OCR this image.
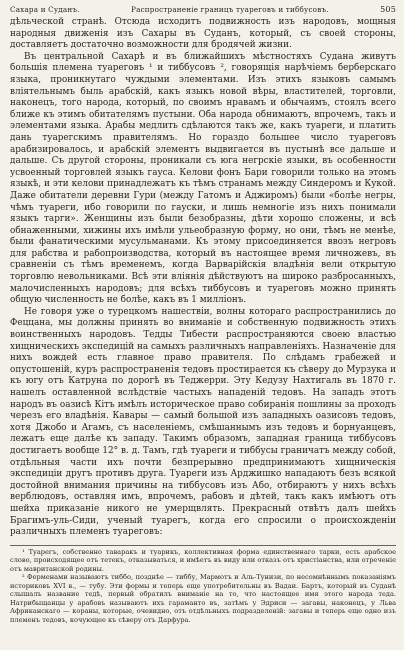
Сахара и Суданъ.	Распространеніе границъ туареговъ и тиббусовъ.	505

дѣльческой странѣ. Отсюда исходитъ подвижность изъ народовъ, мощныя народныя движенія изъ Сахары въ Суданъ, который, съ своей стороны, доставляетъ достаточно возможности для бродячей жизни.

Въ центральной Сахарѣ и въ ближайшихъ мѣстностяхъ Судана живутъ большія племена туареговъ ¹ и тиббусовъ ², говорящія нарѣчіемъ берберскаго языка, проникнутаго чуждыми элементами. Изъ этихъ языковъ самымъ вліятельнымъ быль арабскій, какъ языкъ новой вѣры, властителей, торговли, наконецъ, того народа, который, по своимъ нравамъ и обычаямъ, стоялъ всего ближе къ этимъ обитателямъ пустыни. Оба народа обнимаютъ, впрочемъ, такъ и элементами языка. Арабы медлить сдѣлаются такъ же, какъ туареги, и платить дань туарегскимъ правителямъ. Но гораздо большее число туареговъ арабизировалось, и арабскій элементъ выдвигается въ пустынѣ все дальше и дальше. Съ другой стороны, проникали съ юга негрскіе языки, въ особенности усвоенный торговлей языкъ гауса. Келови фонъ Бари говорили только на этомъ языкѣ, и эти келови принадлежатъ къ тѣмъ странамъ между Синдеромъ и Кукой. Даже обитатели деревни Гури (между Гатомъ и Аджиромъ) были «болѣе негры, чѣмъ туареги, ибо говорили по гауски, и лишь немногіе изъ нихъ понимали языкъ тарги». Женщины изъ были безобразны, дѣти хорошо сложены, и всѣ обнаженными, хижины ихъ имѣли ульеобразную форму, но они, тѣмъ не менѣе, были фанатическими мусульманами. Къ этому присоединяется ввозъ негровъ для рабства и рабопроизводства, который въ настоящее время личножевъ, въ сравненіи съ тѣмъ временемъ, когда Варварійскія владѣнія вели открытую торговлю невольниками. Всѣ эти вліянія дѣйствуютъ на широко разбросанныхъ, малочисленныхъ народовъ; для всѣхъ тиббусовъ и туареговъ можно принять общую численность не болѣе, какъ въ 1 милліонъ.

Не говоря уже о турецкомъ нашествіи, волны котораго распространились до Феццана, мы должны принять во вниманіе и собственную подвижность этихъ воинственныхъ народовъ. Тедды Тибести распространяются своею властью хищническихъ экспедицій на самыхъ различныхъ направленіяхъ. Назначеніе для нихъ вождей есть главное право правителя. По слѣдамъ грабежей и опустошеній, куръ распространенія тедовъ простирается къ сѣверу до Мурзука и къ югу отъ Катруна по дорогѣ въ Теджерри. Эту Кедузу Нахтигаль въ 1870 г. нашелъ оставленной вслѣдствіе частыхъ нападеній тедовъ. На западъ этотъ народъ въ оазисѣ Кітъ имѣлъ историческое право собиранія пошлины за проходъ черезъ его владѣнія. Кавары — самый большой изъ западныхъ оазисовъ тедовъ, хотя Джобо и Агамъ, съ населеніемъ, смѣшаннымъ изъ тедовъ и борнуанцевъ, лежатъ еще далѣе къ западу. Такимъ образомъ, западная граница тиббусовъ достигаетъ вообще 12° в. д. Тамъ, гдѣ туареги и тиббусы граничатъ между собой, отдѣльныя части ихъ почти безпрерывно предпринимаютъ хищническія экспедиціи другъ противъ друга. Туареги изъ Арджишко нападаютъ безъ всякой достойной внимания причины на тиббусовъ изъ Або, отбираютъ у нихъ всѣхъ верблюдовъ, оставляя имъ, впрочемъ, рабовъ и дѣтей, такъ какъ имѣютъ отъ шейха приказаніе никого не умерщвлять. Прекрасный отвѣтъ далъ шейхъ Брагимъ-уль-Сиди, ученый туарегъ, когда его спросили о происхожденіи различныхъ племенъ туареговъ:

¹ Туарегъ, собственно таваракъ и туарикъ, коллективная форма единственнаго тарки, есть арабское слово, происходящее отъ тетекъ, отказываться, и имѣетъ въ виду или отказъ отъ христіанства, или отреченіе отъ мавританской родины.

² Ферменами называютъ тиббо, позднѣе — тиббу, Мармотъ и Аль-Тунизи, по несомнѣннымъ показаніямъ историковъ XVI в., — тубу. Эти формы и теперь еще употребительны въ Вадаи. Бартъ, который въ Суданѣ слышалъ название тедѣ, первый обратилъ вниманіе на то, что настоящее имя этого народа теда. Натрибыщанцы у арабовъ называютъ ихъ гараманто въ, затѣмъ у Эдриси — загавы, наконецъ, у Льва Африканскаго — кораны, которые, очевидно, отъ отдѣльныхъ подразделеній: загавы и теперь еще одно изъ племенъ тедовъ, кочующее къ сѣверу отъ Дарфура.
